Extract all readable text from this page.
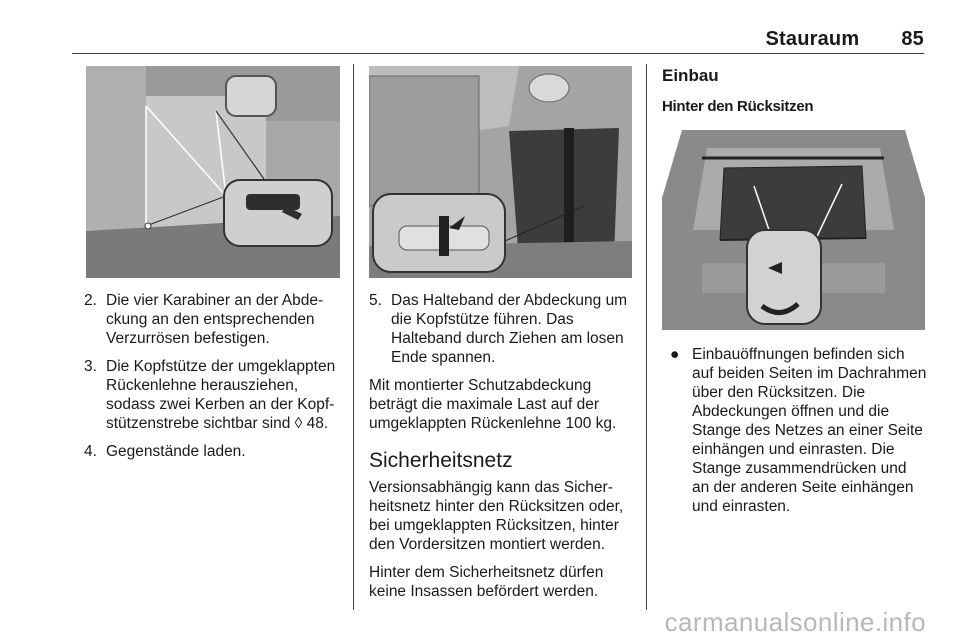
Stauraum 85
2. Die vier Karabiner an der Abdeckung an den entsprechenden Verzurrösen befestigen.
3. Die Kopfstütze der umgeklappten Rückenlehne herausziehen, sodass zwei Kerben an der Kopfstützenstrebe sichtbar sind ◊ 48.
4. Gegenstände laden.
5. Das Halteband der Abdeckung um die Kopfstütze führen. Das Halteband durch Ziehen am losen Ende spannen.

Mit montierter Schutzabdeckung beträgt die maximale Last auf der umgeklappten Rückenlehne 100 kg.

Sicherheitsnetz

Versionsabhängig kann das Sicherheitsnetz hinter den Rücksitzen oder, bei umgeklappten Rücksitzen, hinter den Vordersitzen montiert werden.

Hinter dem Sicherheitsnetz dürfen keine Insassen befördert werden.

Einbau
Hinter den Rücksitzen
● Einbauöffnungen befinden sich auf beiden Seiten im Dachrahmen über den Rücksitzen. Die Abdeckungen öffnen und die Stange des Netzes an einer Seite einhängen und einrasten. Die Stange zusammendrücken und an der anderen Seite einhängen und einrasten.
carmanualsonline.info
